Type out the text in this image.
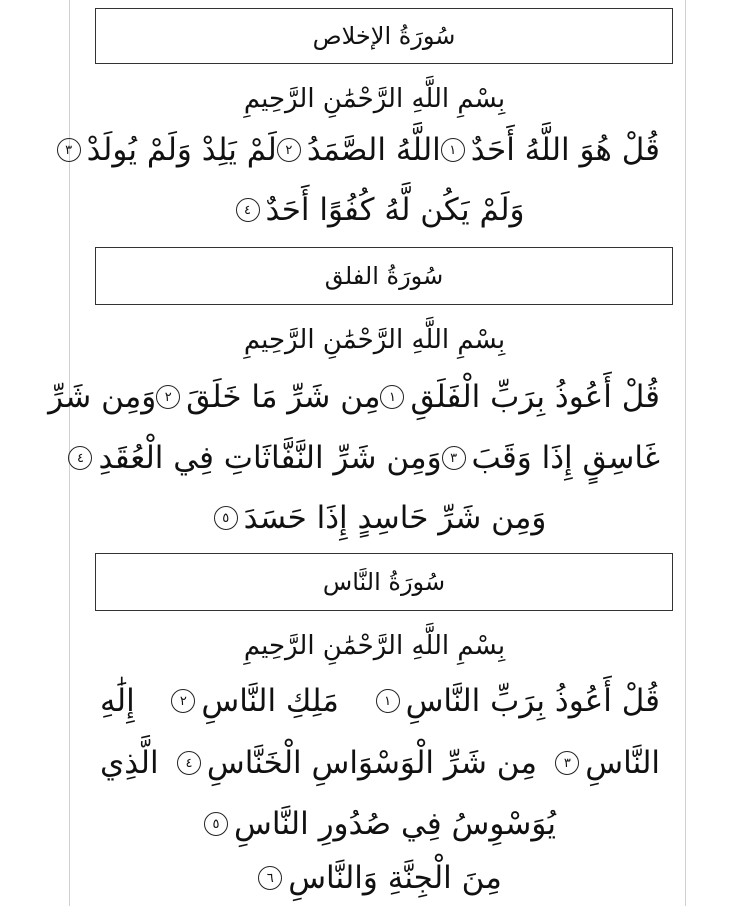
سُورَةُ الإخلاص
بِسْمِ اللَّهِ الرَّحْمَٰنِ الرَّحِيمِ
قُلْ هُوَ اللَّهُ أَحَدٌ
١
اللَّهُ الصَّمَدُ
٢
لَمْ يَلِدْ وَلَمْ يُولَدْ
٣
وَلَمْ يَكُن لَّهُ كُفُوًا أَحَدٌ
٤
سُورَةُ الفلق
بِسْمِ اللَّهِ الرَّحْمَٰنِ الرَّحِيمِ
قُلْ أَعُوذُ بِرَبِّ الْفَلَقِ
١
مِن شَرِّ مَا خَلَقَ
٢
وَمِن شَرِّ
غَاسِقٍ إِذَا وَقَبَ
٣
وَمِن شَرِّ النَّفَّاثَاتِ فِي الْعُقَدِ
٤
وَمِن شَرِّ حَاسِدٍ إِذَا حَسَدَ
٥
سُورَةُ النَّاس
بِسْمِ اللَّهِ الرَّحْمَٰنِ الرَّحِيمِ
قُلْ أَعُوذُ بِرَبِّ النَّاسِ
١
مَلِكِ النَّاسِ
٢
إِلَٰهِ
النَّاسِ
٣
مِن شَرِّ الْوَسْوَاسِ الْخَنَّاسِ
٤
الَّذِي
يُوَسْوِسُ فِي صُدُورِ النَّاسِ
٥
مِنَ الْجِنَّةِ وَالنَّاسِ
٦
